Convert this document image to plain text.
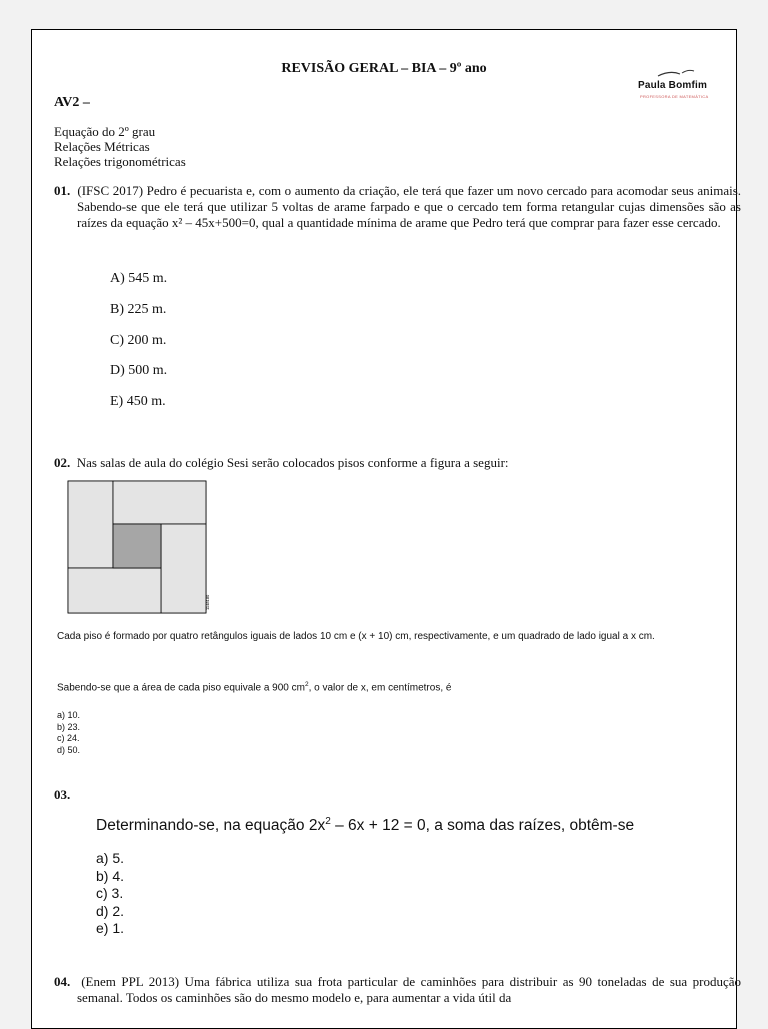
REVISÃO GERAL – BIA – 9º ano
Paula Bomfim
PROFESSORA DE MATEMÁTICA
AV2 –
Equação do 2º grau
Relações Métricas
Relações trigonométricas
01. (IFSC 2017) Pedro é pecuarista e, com o aumento da criação, ele terá que fazer um novo cercado para acomodar seus animais. Sabendo-se que ele terá que utilizar 5 voltas de arame farpado e que o cercado tem forma retangular cujas dimensões são as raízes da equação x² – 45x+500=0, qual a quantidade mínima de arame que Pedro terá que comprar para fazer esse cercado.
A) 545 m.
B) 225 m.
C) 200 m.
D) 500 m.
E) 450 m.
02. Nas salas de aula do colégio Sesi serão colocados pisos conforme a figura a seguir:
1148180
Cada piso é formado por quatro retângulos iguais de lados 10 cm e (x + 10) cm, respectivamente, e um quadrado de lado igual a x cm.
Sabendo-se que a área de cada piso equivale a 900 $cm^2$, o valor de x, em centímetros, é
a) 10.
b) 23.
c) 24.
d) 50.
03.
Determinando-se, na equação $2x^2 - 6x + 12 = 0$, a soma das raízes, obtêm-se
a) 5.
b) 4.
c) 3.
d) 2.
e) 1.
04. (Enem PPL 2013) Uma fábrica utiliza sua frota particular de caminhões para distribuir as 90 toneladas de sua produção semanal. Todos os caminhões são do mesmo modelo e, para aumentar a vida útil da
